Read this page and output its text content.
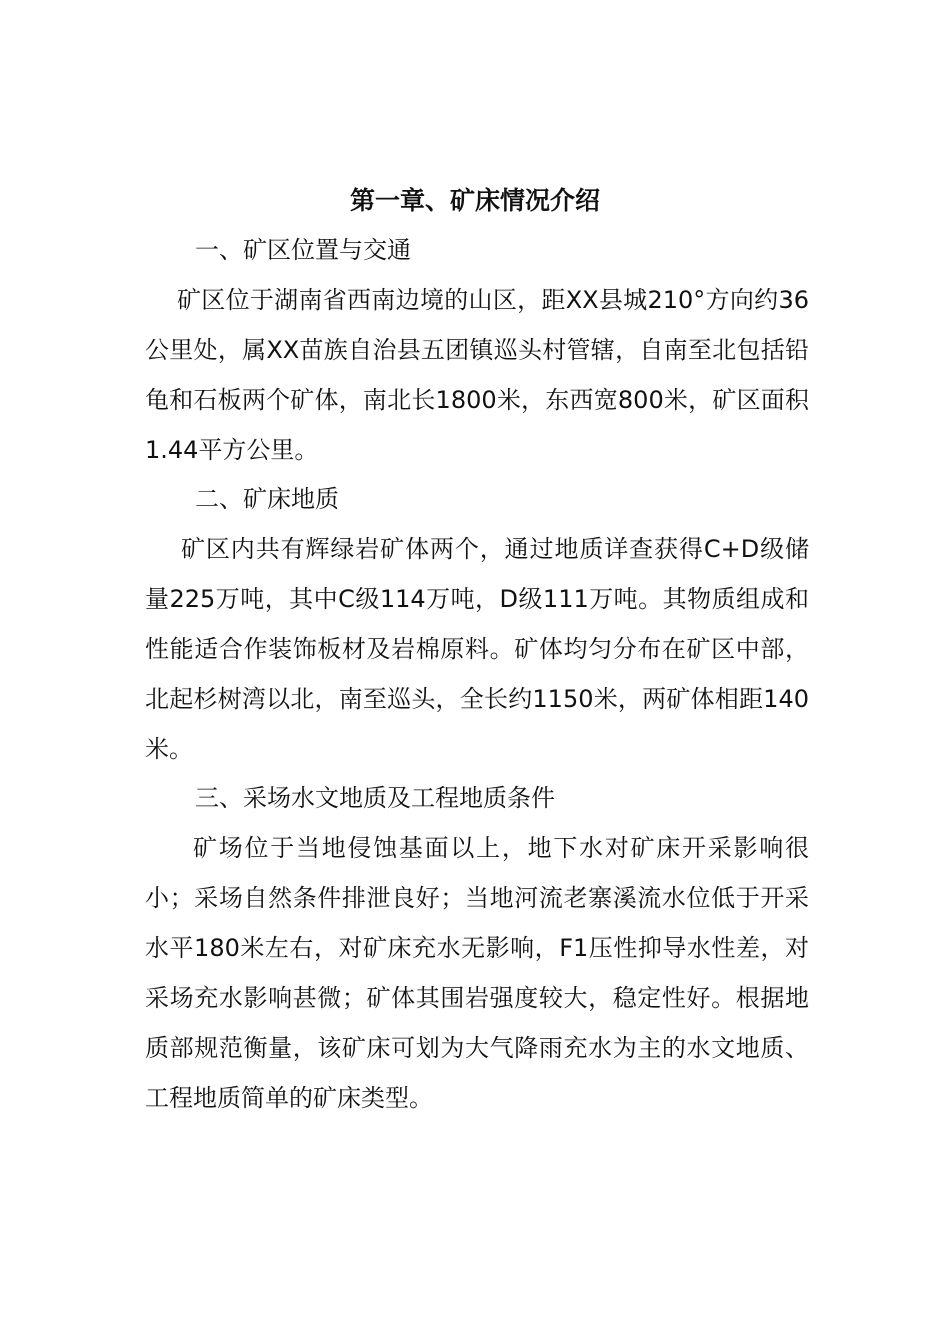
第一章、矿床情况介绍
一、矿区位置与交通

矿区位于湖南省西南边境的山区，距XX县城210°方向约36公里处，属XX苗族自治县五团镇巡头村管辖，自南至北包括铅龟和石板两个矿体，南北长1800米，东西宽800米，矿区面积1.44平方公里。

二、矿床地质

矿区内共有辉绿岩矿体两个，通过地质详查获得C+D级储量225万吨，其中C级114万吨，D级111万吨。其物质组成和性能适合作装饰板材及岩棉原料。矿体均匀分布在矿区中部，北起杉树湾以北，南至巡头，全长约1150米，两矿体相距140米。

三、采场水文地质及工程地质条件

矿场位于当地侵蚀基面以上，地下水对矿床开采影响很小；采场自然条件排泄良好；当地河流老寨溪流水位低于开采水平180米左右，对矿床充水无影响，F1压性抑导水性差，对采场充水影响甚微；矿体其围岩强度较大，稳定性好。根据地质部规范衡量，该矿床可划为大气降雨充水为主的水文地质、工程地质简单的矿床类型。
